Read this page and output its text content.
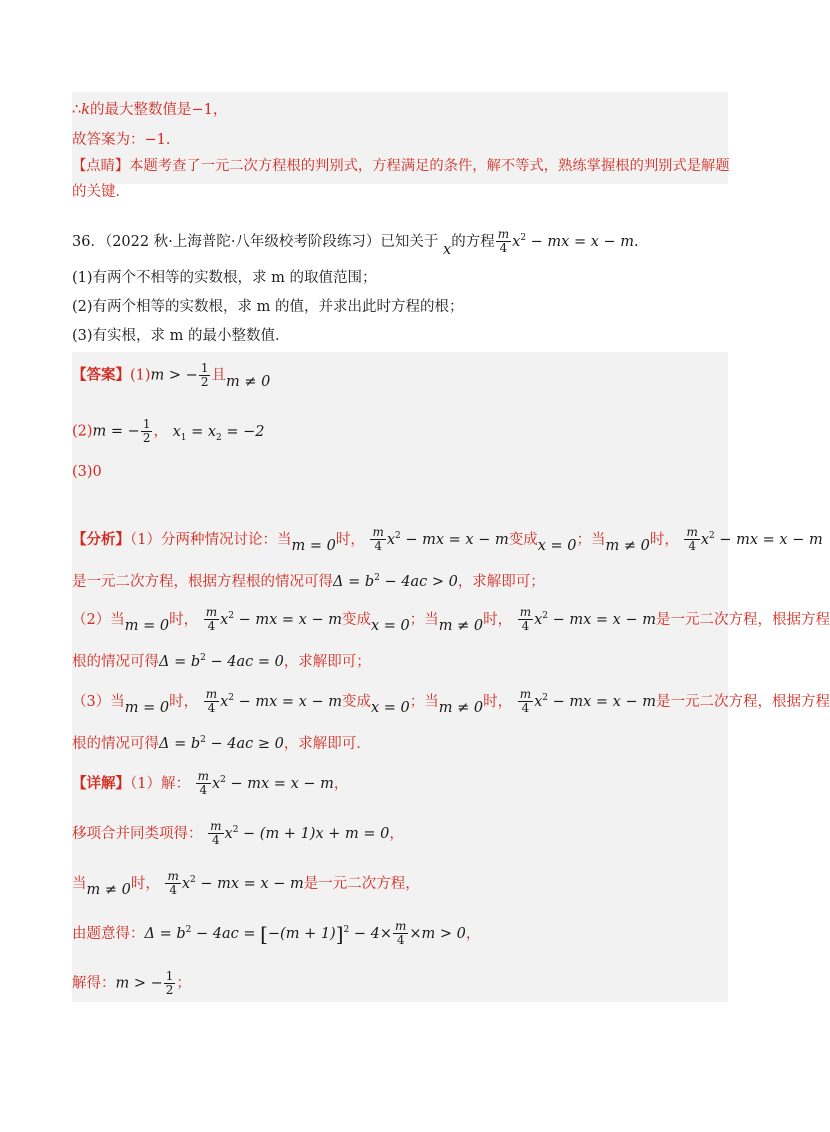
∴k的最大整数值是−1，
故答案为：−1．
【点睛】本题考查了一元二次方程根的判别式，方程满足的条件，解不等式，熟练掌握根的判别式是解题
的关键．
36．（2022 秋·上海普陀·八年级校考阶段练习）已知关于 x的方程 $\frac{m}{4} x^2$ − mx = x − m.
(1)有两个不相等的实数根，求 m 的取值范围；
(2)有两个相等的实数根，求 m 的值，并求出此时方程的根；
(3)有实根，求 m 的最小整数值．
【答案】(1)m > − $\frac{1}{2}$ 且m ≠ 0
(2)m = − $\frac{1}{2}$ ， $x_1 = x_2 = -2$
(3)0
【分析】（1）分两种情况讨论：当m = 0时， $\frac{m}{4} x^2$ − mx = x − m变成x = 0；当m ≠ 0时， $\frac{m}{4} x^2$ − mx = x − m
是一元二次方程，根据方程根的情况可得$\Delta = b^2 - 4ac > 0$，求解即可；
（2）当m = 0时， $\frac{m}{4} x^2$ − mx = x − m变成x = 0；当m ≠ 0时， $\frac{m}{4} x^2$ − mx = x − m是一元二次方程，根据方程
根的情况可得$\Delta = b^2 - 4ac = 0$，求解即可；
（3）当m = 0时， $\frac{m}{4} x^2$ − mx = x − m变成x = 0；当m ≠ 0时， $\frac{m}{4} x^2$ − mx = x − m是一元二次方程，根据方程
根的情况可得$\Delta = b^2 - 4ac \ge 0$，求解即可．
【详解】（1）解： $\frac{m}{4} x^2$ − mx = x − m，
移项合并同类项得： $\frac{m}{4} x^2 - (m + 1)x + m = 0$，
当m ≠ 0时， $\frac{m}{4} x^2$ − mx = x − m是一元二次方程，
由题意得：$\Delta = b^2 - 4ac = [-(m + 1)]^2 - 4\times \frac{m}{4} \times m > 0$，
解得：m > − $\frac{1}{2}$ ；
